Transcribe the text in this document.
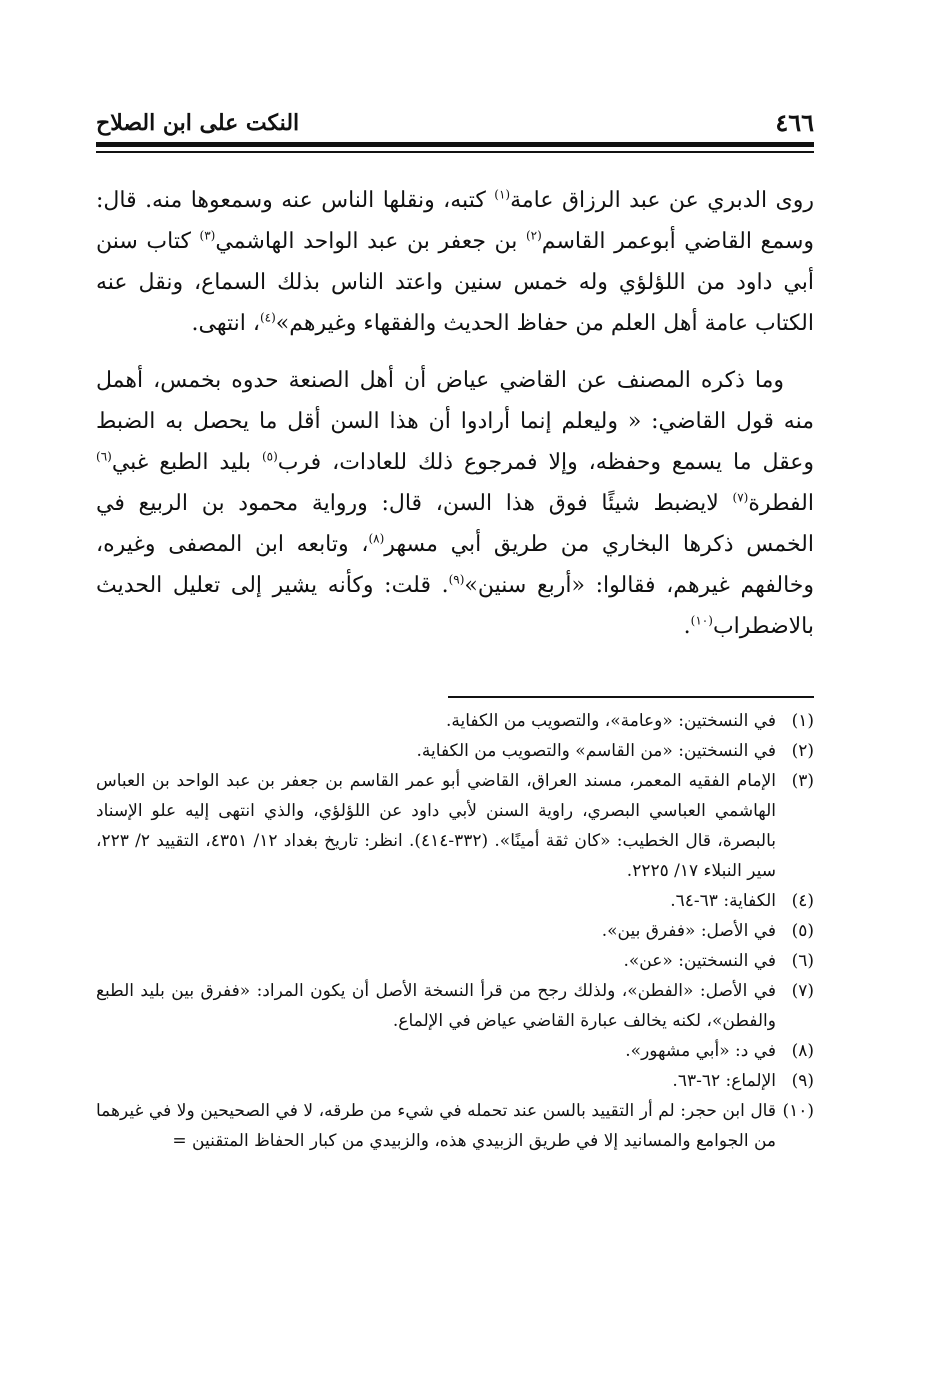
٤٦٦
النكت على ابن الصلاح

روى الدبري عن عبد الرزاق عامة$^{(١)}$ كتبه، ونقلها الناس عنه وسمعوها منه. قال: وسمع القاضي أبوعمر القاسم$^{(٢)}$ بن جعفر بن عبد الواحد الهاشمي$^{(٣)}$ كتاب سنن أبي داود من اللؤلؤي وله خمس سنين واعتد الناس بذلك السماع، ونقل عنه الكتاب عامة أهل العلم من حفاظ الحديث والفقهاء وغيرهم»$^{(٤)}$، انتهى.

وما ذكره المصنف عن القاضي عياض أن أهل الصنعة حدوه بخمس، أهمل منه قول القاضي: « وليعلم إنما أرادوا أن هذا السن أقل ما يحصل به الضبط وعقل ما يسمع وحفظه، وإلا فمرجوع ذلك للعادات، فرب$^{(٥)}$ بليد الطبع غبي$^{(٦)}$ الفطرة$^{(٧)}$ لايضبط شيئًا فوق هذا السن، قال: ورواية محمود بن الربيع في الخمس ذكرها البخاري من طريق أبي مسهر$^{(٨)}$، وتابعه ابن المصفى وغيره، وخالفهم غيرهم، فقالوا: «أربع سنين»$^{(٩)}$. قلت: وكأنه يشير إلى تعليل الحديث بالاضطراب$^{(١٠)}$.

(١)
في النسختين: «وعامة»، والتصويب من الكفاية.
(٢)
في النسختين: «من القاسم» والتصويب من الكفاية.
(٣)
الإمام الفقيه المعمر، مسند العراق، القاضي أبو عمر القاسم بن جعفر بن عبد الواحد بن العباس الهاشمي العباسي البصري، راوية السنن لأبي داود عن اللؤلؤي، والذي انتهى إليه علو الإسناد بالبصرة، قال الخطيب: «كان ثقة أمينًا». (٣٣٢-٤١٤). انظر: تاريخ بغداد ١٢/ ٤٣٥١، التقييد ٢/ ٢٢٣، سير النبلاء ١٧/ ٢٢٢٥.
(٤)
الكفاية: ٦٣-٦٤.
(٥)
في الأصل: «ففرق بين».
(٦)
في النسختين: «عن».
(٧)
في الأصل: «الفطن»، ولذلك رجح من قرأ النسخة الأصل أن يكون المراد: «ففرق بين بليد الطبع والفطن»، لكنه يخالف عبارة القاضي عياض في الإلماع.
(٨)
في د: «أبي مشهور».
(٩)
الإلماع: ٦٢-٦٣.
(١٠)
قال ابن حجر: لم أر التقييد بالسن عند تحمله في شيء من طرقه، لا في الصحيحين ولا في غيرهما من الجوامع والمسانيد إلا في طريق الزبيدي هذه، والزبيدي من كبار الحفاظ المتقنين =
